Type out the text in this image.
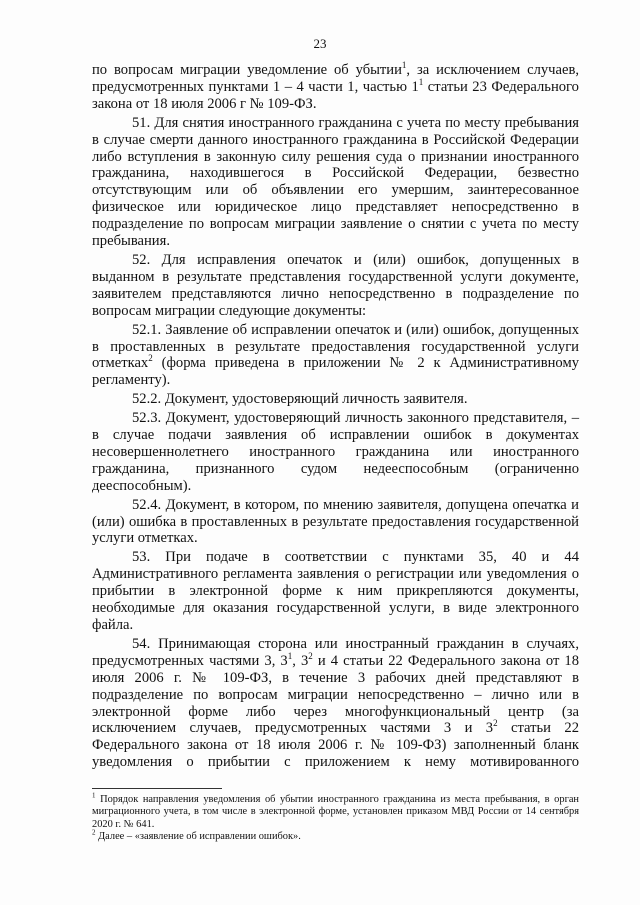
23

по вопросам миграции уведомление об убытии$^1$, за исключением случаев, предусмотренных пунктами 1 – 4 части 1, частью $1^1$ статьи 23 Федерального закона от 18 июля 2006 г № 109-ФЗ.

51. Для снятия иностранного гражданина с учета по месту пребывания в случае смерти данного иностранного гражданина в Российской Федерации либо вступления в законную силу решения суда о признании иностранного гражданина, находившегося в Российской Федерации, безвестно отсутствующим или об объявлении его умершим, заинтересованное физическое или юридическое лицо представляет непосредственно в подразделение по вопросам миграции заявление о снятии с учета по месту пребывания.

52. Для исправления опечаток и (или) ошибок, допущенных в выданном в результате представления государственной услуги документе, заявителем представляются лично непосредственно в подразделение по вопросам миграции следующие документы:

52.1. Заявление об исправлении опечаток и (или) ошибок, допущенных в проставленных в результате предоставления государственной услуги отметках$^2$ (форма приведена в приложении № 2 к Административному регламенту).

52.2. Документ, удостоверяющий личность заявителя.

52.3. Документ, удостоверяющий личность законного представителя, – в случае подачи заявления об исправлении ошибок в документах несовершеннолетнего иностранного гражданина или иностранного гражданина, признанного судом недееспособным (ограниченно дееспособным).

52.4. Документ, в котором, по мнению заявителя, допущена опечатка и (или) ошибка в проставленных в результате предоставления государственной услуги отметках.

53. При подаче в соответствии с пунктами 35, 40 и 44 Административного регламента заявления о регистрации или уведомления о прибытии в электронной форме к ним прикрепляются документы, необходимые для оказания государственной услуги, в виде электронного файла.

54. Принимающая сторона или иностранный гражданин в случаях, предусмотренных частями 3, $3^1$, $3^2$ и 4 статьи 22 Федерального закона от 18 июля 2006 г. № 109-ФЗ, в течение 3 рабочих дней представляют в подразделение по вопросам миграции непосредственно – лично или в электронной форме либо через многофункциональный центр (за исключением случаев, предусмотренных частями 3 и $3^2$ статьи 22 Федерального закона от 18 июля 2006 г. № 109-ФЗ) заполненный бланк уведомления о прибытии с приложением к нему мотивированного

$^1$ Порядок направления уведомления об убытии иностранного гражданина из места пребывания, в орган миграционного учета, в том числе в электронной форме, установлен приказом МВД России от 14 сентября 2020 г. № 641.

$^2$ Далее – «заявление об исправлении ошибок».
